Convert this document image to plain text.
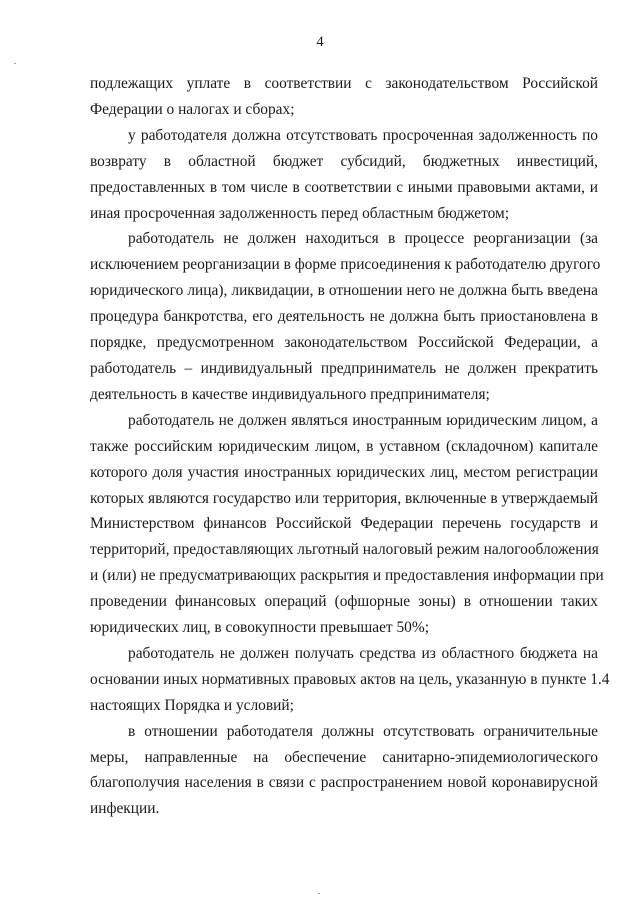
4

подлежащих уплате в соответствии с законодательством Российской
Федерации о налогах и сборах;

у работодателя должна отсутствовать просроченная задолженность по
возврату в областной бюджет субсидий, бюджетных инвестиций,
предоставленных в том числе в соответствии с иными правовыми актами, и
иная просроченная задолженность перед областным бюджетом;

работодатель не должен находиться в процессе реорганизации (за
исключением реорганизации в форме присоединения к работодателю другого
юридического лица), ликвидации, в отношении него не должна быть введена
процедура банкротства, его деятельность не должна быть приостановлена в
порядке, предусмотренном законодательством Российской Федерации, а
работодатель – индивидуальный предприниматель не должен прекратить
деятельность в качестве индивидуального предпринимателя;

работодатель не должен являться иностранным юридическим лицом, а
также российским юридическим лицом, в уставном (складочном) капитале
которого доля участия иностранных юридических лиц, местом регистрации
которых являются государство или территория, включенные в утверждаемый
Министерством финансов Российской Федерации перечень государств и
территорий, предоставляющих льготный налоговый режим налогообложения
и (или) не предусматривающих раскрытия и предоставления информации при
проведении финансовых операций (офшорные зоны) в отношении таких
юридических лиц, в совокупности превышает 50%;

работодатель не должен получать средства из областного бюджета на
основании иных нормативных правовых актов на цель, указанную в пункте 1.4
настоящих Порядка и условий;

в отношении работодателя должны отсутствовать ограничительные
меры, направленные на обеспечение санитарно-эпидемиологического
благополучия населения в связи с распространением новой коронавирусной
инфекции.
